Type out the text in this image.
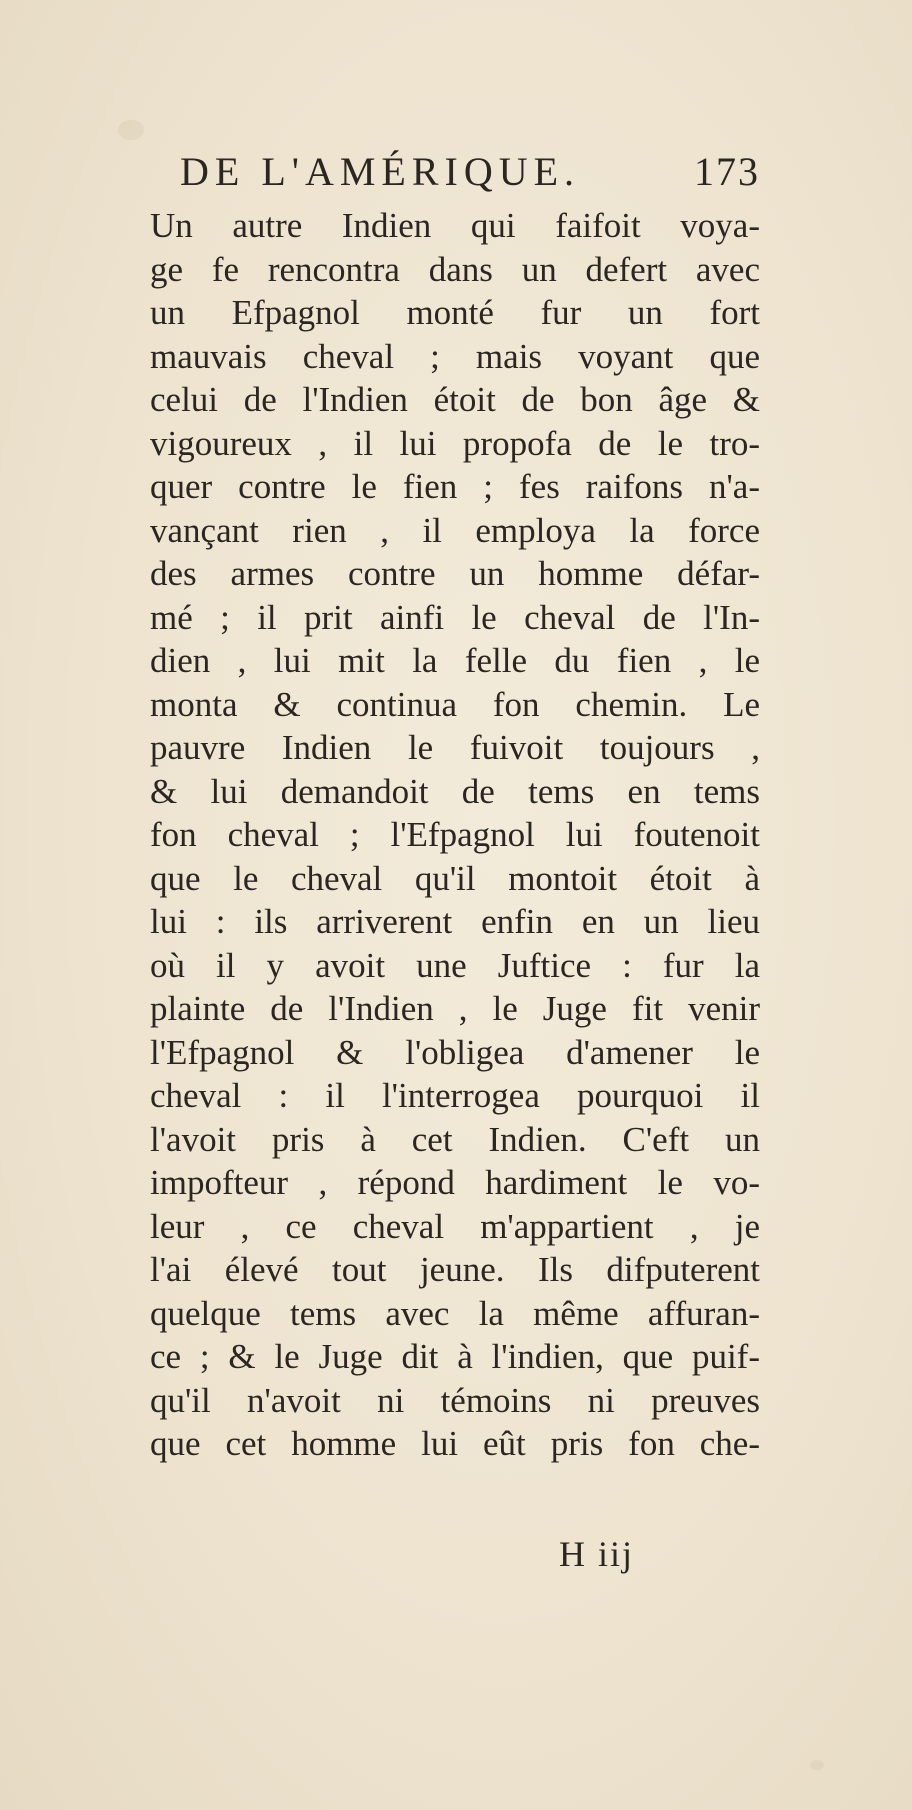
DE L'AMÉRIQUE.	173
Un autre Indien qui faifoit voya-
ge fe rencontra dans un defert avec
un Efpagnol monté fur un fort
mauvais cheval ; mais voyant que
celui de l'Indien étoit de bon âge &
vigoureux , il lui propofa de le tro-
quer contre le fien ; fes raifons n'a-
vançant rien , il employa la force
des armes contre un homme défar-
mé ; il prit ainfi le cheval de l'In-
dien , lui mit la felle du fien , le
monta & continua fon chemin. Le
pauvre Indien le fuivoit toujours ,
& lui demandoit de tems en tems
fon cheval ; l'Efpagnol lui foutenoit
que le cheval qu'il montoit étoit à
lui : ils arriverent enfin en un lieu
où il y avoit une Juftice : fur la
plainte de l'Indien , le Juge fit venir
l'Efpagnol & l'obligea d'amener le
cheval : il l'interrogea pourquoi il
l'avoit pris à cet Indien. C'eft un
impofteur , répond hardiment le vo-
leur , ce cheval m'appartient , je
l'ai élevé tout jeune. Ils difputerent
quelque tems avec la même affuran-
ce ; & le Juge dit à l'indien, que puif-
qu'il n'avoit ni témoins ni preuves
que cet homme lui eût pris fon che-
H iij
